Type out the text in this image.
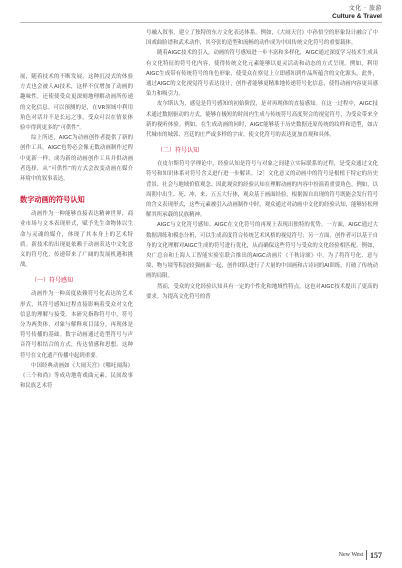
文化 · 旅游
Culture & Travel

展，随着技术的不断发展，这种沉浸式的体验方式也会被人AI技术，这样不仅增加了动画的趣味性，还使使受众更深刻地理解动画所传递的文化信息。可以预测的是，在VR领域中利用角色对话并不是长远之事，受众可以在情景体验中得到更多的“可供性”。

综上所述，AIGC为动画创作者提供了新的创作工具，AIGC也势必会像无数动画制作过程中更新一样，成为新的动画创作工具并供动画者选择，从“可供性”的方式会改变动画在媒介环境中的叙事表达。

数字动画的符号认知

动画作为一种能够直接表达精神世界，商业市场与文本表现形式，赋予先生命物体以生命与灵魂的媒介，体现了其本身上的艺术特质。新技术的出现更依赖于动画表达中文化意义的符号化，传递带来了广阔的发展机遇和挑战。

（一）符号感知

动画作为一种高度依赖符号化表达的艺术形式，其符号感知过程直接影响着受众对文化信息的理解与接受。本研究指称符号中，符号分为两类体，对象与解释项目部分，再现体是符号传播的基础。数字动画通过造型符号与声音符号相结合的方式，传达情感和思想。这种符号在文化遗产传播中起到重要。

中国经典动画如《大闹天宫》《哪吒闹海》《三个和尚》等成功地将戏曲元素、民间故事和民族艺术符

号融入叙事，建立了独特的东方文化表达体系。例如，《大闹天宫》中孙悟空的形象设计融合了中国戏曲脸谱和武术动作，其夸张的造型和流畅的动作成为中国传统文化符号的重要载体。

随着AIGC技术的引入，动画的符号感知进一步丰富和多样化，AIGC通过深度学习技术生成具有文化特征的符号化内容，使得传统文化元素能够以更灵活动和动态的方式呈现。例如，利用AIGC生成带有传统符号的角色形象，使受众在察觉上立即感知到作品所蕴含的文化源头。此外，通过AIGC的文化视觉符号表达设计，创作者能够更精准地传递符号化信息，使得动画内容更具感染力和吸引力。

皮尔斯认为，感觉是符号感知的初始阶段，是对再现体的直接感知。在这一过程中，AIGC技术通过数据驱动的方式，能够在极短的时间内生成与传统符号高度契合的视觉符号，为受众带来全新的视听体验。例如，在生成动画的同时，AIGC能够基于历史数据还原传统的纹样和造型，如古代城市的城郭、宫廷的庄严或多样的宇宙，使文化符号的表达更加直观和具体。

（二）符号认知

在皮尔斯符号学理论中，经验认知是符号与对象之间建立实际联系的过程，是受众通过文化符号和知识体系对符号含义进行进一步解读。［2］文化意义的动画中的符号是根植于特定的历史背景、社会与地域价值观念。因此观众的经验认知在理解动画的内容中扮演着重要角色。例如，以周朝中出生、死、冲、来、五五大行体，观众基于画面经验，根据源自出现的符号既能会发行符号的含义表现形式，这些元素被引入动画制作中时，观众通过对动画中文化的经验认知，能够轻松理解其所承载的民族精神。

AIGC与文化符号感知。AIGC在文化符号的再现上表现出独特的优势。一方面，AIGC通过大数据训练和模态分析，可以生成高度符合传统艺术风格的视觉符号；另一方面，创作者可以基于自身的文化理解对AIGC生成的符号进行优化，从而确保这些符号与受众的文化经验相匹配。例如，央广总台和上海人工智能实验室联合推出的AIGC动画片《千秋诗颂》中，为了将符号化、意与境、物与境等积淀较强画面一起，创作团队进行了大量的中国画和古诗词的AI训练，打破了传统动画的局限。

然而，受众的文化经验认知具有一定的个性化和地域性特点，这也对AIGC技术提出了更高的要求。为提高文化符号的普

New West 157
